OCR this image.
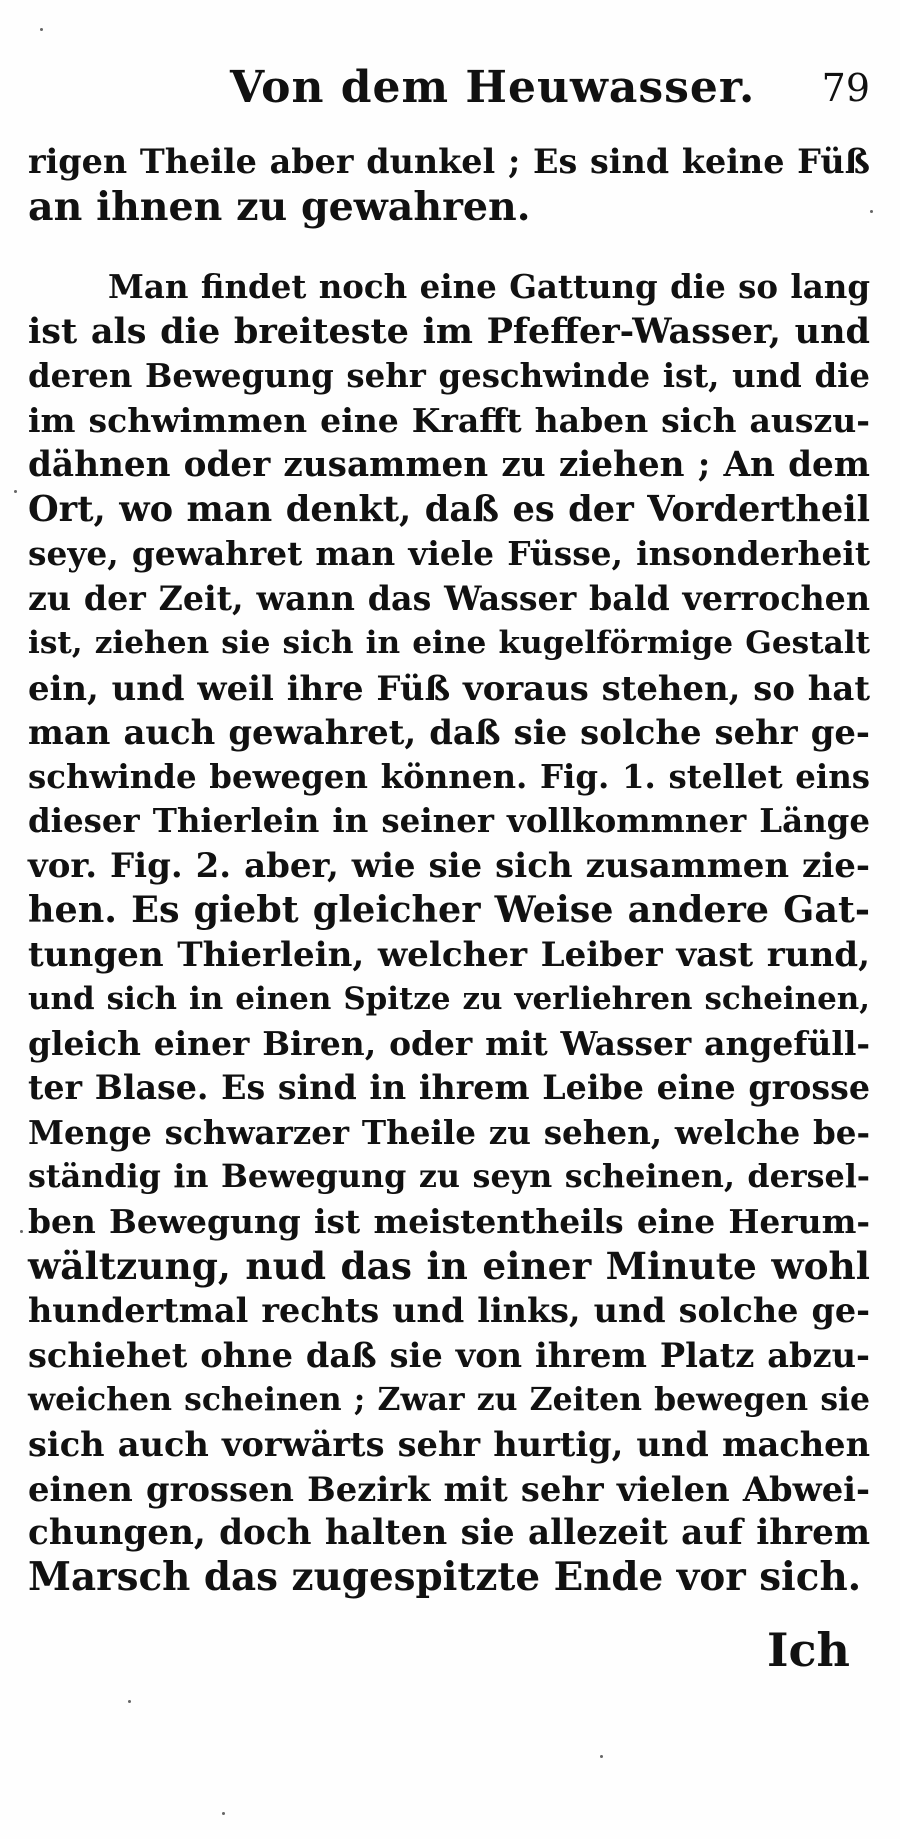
Von dem Heuwasser. 79
rigen Theile aber dunkel ; Es sind keine Füß
an ihnen zu gewahren.
Man findet noch eine Gattung die so lang
ist als die breiteste im Pfeffer-Wasser, und
deren Bewegung sehr geschwinde ist, und die
im schwimmen eine Krafft haben sich auszu-
dähnen oder zusammen zu ziehen ; An dem
Ort, wo man denkt, daß es der Vordertheil
seye, gewahret man viele Füsse, insonderheit
zu der Zeit, wann das Wasser bald verrochen
ist, ziehen sie sich in eine kugelförmige Gestalt
ein, und weil ihre Füß voraus stehen, so hat
man auch gewahret, daß sie solche sehr ge-
schwinde bewegen können. Fig. 1. stellet eins
dieser Thierlein in seiner vollkommner Länge
vor. Fig. 2. aber, wie sie sich zusammen zie-
hen. Es giebt gleicher Weise andere Gat-
tungen Thierlein, welcher Leiber vast rund,
und sich in einen Spitze zu verliehren scheinen,
gleich einer Biren, oder mit Wasser angefüll-
ter Blase. Es sind in ihrem Leibe eine grosse
Menge schwarzer Theile zu sehen, welche be-
ständig in Bewegung zu seyn scheinen, dersel-
ben Bewegung ist meistentheils eine Herum-
wältzung, nud das in einer Minute wohl
hundertmal rechts und links, und solche ge-
schiehet ohne daß sie von ihrem Platz abzu-
weichen scheinen ; Zwar zu Zeiten bewegen sie
sich auch vorwärts sehr hurtig, und machen
einen grossen Bezirk mit sehr vielen Abwei-
chungen, doch halten sie allezeit auf ihrem
Marsch das zugespitzte Ende vor sich.
Ich
